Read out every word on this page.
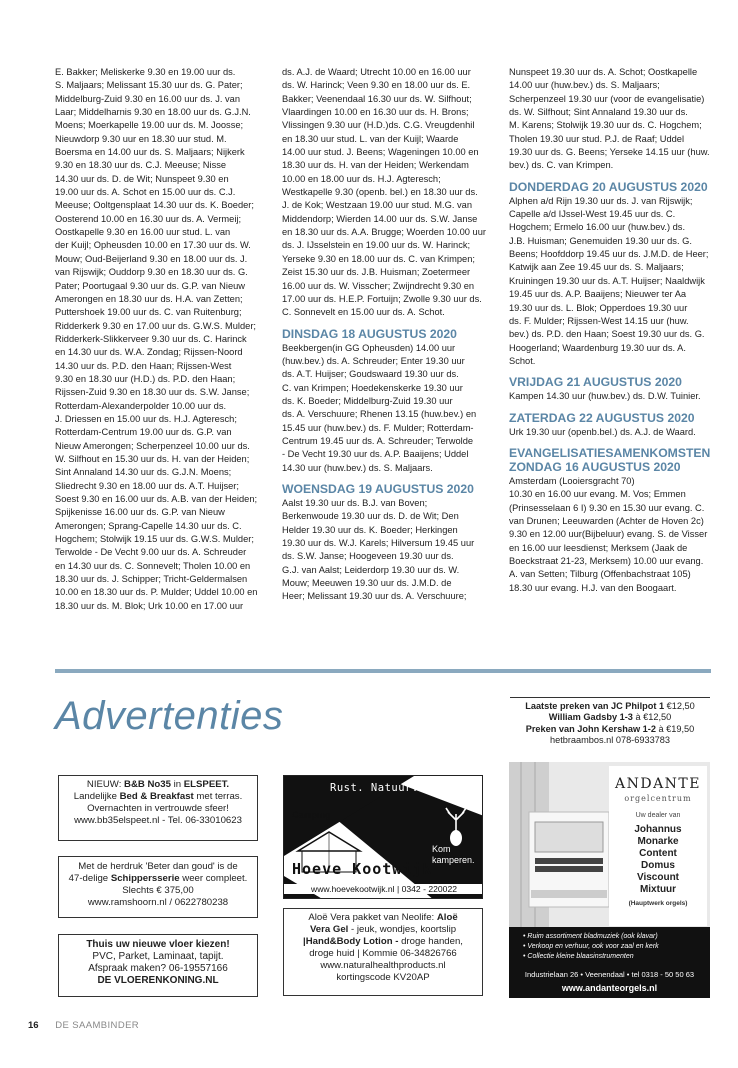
E. Bakker; Meliskerke 9.30 en 19.00 uur ds.
S. Maljaars; Melissant 15.30 uur ds. G. Pater;
Middelburg-Zuid 9.30 en 16.00 uur ds. J. van
Laar; Middelharnis 9.30 en 18.00 uur ds. G.J.N.
Moens; Moerkapelle 19.00 uur ds. M. Joosse;
Nieuwdorp 9.30 uur en 18.30 uur stud. M.
Boersma en 14.00 uur ds. S. Maljaars; Nijkerk
9.30 en 18.30 uur ds. C.J. Meeuse; Nisse
14.30 uur ds. D. de Wit; Nunspeet 9.30 en
19.00 uur ds. A. Schot en 15.00 uur ds. C.J.
Meeuse; Ooltgensplaat 14.30 uur ds. K. Boeder;
Oosterend 10.00 en 16.30 uur ds. A. Vermeij;
Oostkapelle 9.30 en 16.00 uur stud. L. van
der Kuijl; Opheusden 10.00 en 17.30 uur ds. W.
Mouw; Oud-Beijerland 9.30 en 18.00 uur ds. J.
van Rijswijk; Ouddorp 9.30 en 18.30 uur ds. G.
Pater; Poortugaal 9.30 uur ds. G.P. van Nieuw
Amerongen en 18.30 uur ds. H.A. van Zetten;
Puttershoek 19.00 uur ds. C. van Ruitenburg;
Ridderkerk 9.30 en 17.00 uur ds. G.W.S. Mulder;
Ridderkerk-Slikkerveer 9.30 uur ds. C. Harinck
en 14.30 uur ds. W.A. Zondag; Rijssen-Noord
14.30 uur ds. P.D. den Haan; Rijssen-West
9.30 en 18.30 uur (H.D.) ds. P.D. den Haan;
Rijssen-Zuid 9.30 en 18.30 uur ds. S.W. Janse;
Rotterdam-Alexanderpolder 10.00 uur ds.
J. Driessen en 15.00 uur ds. H.J. Agteresch;
Rotterdam-Centrum 19.00 uur ds. G.P. van
Nieuw Amerongen; Scherpenzeel 10.00 uur ds.
W. Silfhout en 15.30 uur ds. H. van der Heiden;
Sint Annaland 14.30 uur ds. G.J.N. Moens;
Sliedrecht 9.30 en 18.00 uur ds. A.T. Huijser;
Soest 9.30 en 16.00 uur ds. A.B. van der Heiden;
Spijkenisse 16.00 uur ds. G.P. van Nieuw
Amerongen; Sprang-Capelle 14.30 uur ds. C.
Hogchem; Stolwijk 19.15 uur ds. G.W.S. Mulder;
Terwolde - De Vecht 9.00 uur ds. A. Schreuder
en 14.30 uur ds. C. Sonnevelt; Tholen 10.00 en
18.30 uur ds. J. Schipper; Tricht-Geldermalsen
10.00 en 18.30 uur ds. P. Mulder; Uddel 10.00 en
18.30 uur ds. M. Blok; Urk 10.00 en 17.00 uur

ds. A.J. de Waard; Utrecht 10.00 en 16.00 uur
ds. W. Harinck; Veen 9.30 en 18.00 uur ds. E.
Bakker; Veenendaal 16.30 uur ds. W. Silfhout;
Vlaardingen 10.00 en 16.30 uur ds. H. Brons;
Vlissingen 9.30 uur (H.D.)ds. C.G. Vreugdenhil
en 18.30 uur stud. L. van der Kuijl; Waarde
14.00 uur stud. J. Beens; Wageningen 10.00 en
18.30 uur ds. H. van der Heiden; Werkendam
10.00 en 18.00 uur ds. H.J. Agteresch;
Westkapelle 9.30 (openb. bel.) en 18.30 uur ds.
J. de Kok; Westzaan 19.00 uur stud. M.G. van
Middendorp; Wierden 14.00 uur ds. S.W. Janse
en 18.30 uur ds. A.A. Brugge; Woerden 10.00 uur
ds. J. IJsselstein en 19.00 uur ds. W. Harinck;
Yerseke 9.30 en 18.00 uur ds. C. van Krimpen;
Zeist 15.30 uur ds. J.B. Huisman; Zoetermeer
16.00 uur ds. W. Visscher; Zwijndrecht 9.30 en
17.00 uur ds. H.E.P. Fortuijn; Zwolle 9.30 uur ds.
C. Sonnevelt en 15.00 uur ds. A. Schot.

DINSDAG 18 AUGUSTUS 2020

Beekbergen(in GG Opheusden) 14.00 uur
(huw.bev.) ds. A. Schreuder; Enter 19.30 uur
ds. A.T. Huijser; Goudswaard 19.30 uur ds.
C. van Krimpen; Hoedekenskerke 19.30 uur
ds. K. Boeder; Middelburg-Zuid 19.30 uur
ds. A. Verschuure; Rhenen 13.15 (huw.bev.) en
15.45 uur (huw.bev.) ds. F. Mulder; Rotterdam-
Centrum 19.45 uur ds. A. Schreuder; Terwolde
- De Vecht 19.30 uur ds. A.P. Baaijens; Uddel
14.30 uur (huw.bev.) ds. S. Maljaars.

WOENSDAG 19 AUGUSTUS 2020

Aalst 19.30 uur ds. B.J. van Boven;
Berkenwoude 19.30 uur ds. D. de Wit; Den
Helder 19.30 uur ds. K. Boeder; Herkingen
19.30 uur ds. W.J. Karels; Hilversum 19.45 uur
ds. S.W. Janse; Hoogeveen 19.30 uur ds.
G.J. van Aalst; Leiderdorp 19.30 uur ds. W.
Mouw; Meeuwen 19.30 uur ds. J.M.D. de
Heer; Melissant 19.30 uur ds. A. Verschuure;

Nunspeet 19.30 uur ds. A. Schot; Oostkapelle
14.00 uur (huw.bev.) ds. S. Maljaars;
Scherpenzeel 19.30 uur (voor de evangelisatie)
ds. W. Silfhout; Sint Annaland 19.30 uur ds.
M. Karens; Stolwijk 19.30 uur ds. C. Hogchem;
Tholen 19.30 uur stud. P.J. de Raaf; Uddel
19.30 uur ds. G. Beens; Yerseke 14.15 uur (huw.
bev.) ds. C. van Krimpen.

DONDERDAG 20 AUGUSTUS 2020

Alphen a/d Rijn 19.30 uur ds. J. van Rijswijk;
Capelle a/d IJssel-West 19.45 uur ds. C.
Hogchem; Ermelo 16.00 uur (huw.bev.) ds.
J.B. Huisman; Genemuiden 19.30 uur ds. G.
Beens; Hoofddorp 19.45 uur ds. J.M.D. de Heer;
Katwijk aan Zee 19.45 uur ds. S. Maljaars;
Kruiningen 19.30 uur ds. A.T. Huijser; Naaldwijk
19.45 uur ds. A.P. Baaijens; Nieuwer ter Aa
19.30 uur ds. L. Blok; Opperdoes 19.30 uur
ds. F. Mulder; Rijssen-West 14.15 uur (huw.
bev.) ds. P.D. den Haan; Soest 19.30 uur ds. G.
Hoogerland; Waardenburg 19.30 uur ds. A.
Schot.

VRIJDAG 21 AUGUSTUS 2020

Kampen 14.30 uur (huw.bev.) ds. D.W. Tuinier.

ZATERDAG 22 AUGUSTUS 2020

Urk 19.30 uur (openb.bel.) ds. A.J. de Waard.

EVANGELISATIESAMENKOMSTEN
ZONDAG 16 AUGUSTUS 2020

Amsterdam (Looiersgracht 70)
10.30 en 16.00 uur evang. M. Vos; Emmen
(Prinsesselaan 6 I) 9.30 en 15.30 uur evang. C.
van Drunen; Leeuwarden (Achter de Hoven 2c)
9.30 en 12.00 uur(Bijbeluur) evang. S. de Visser
en 16.00 uur leesdienst; Merksem (Jaak de
Boeckstraat 21-23, Merksem) 10.00 uur evang.
A. van Setten; Tilburg (Offenbachstraat 105)
18.30 uur evang. H.J. van den Boogaart.

Advertenties	Laatste preken van JC Philpot 1 €12,50
William Gadsby 1-3 à €12,50
Preken van John Kershaw 1-2 à €19,50
hetbraambos.nl 078-6933783
NIEUW: B&B No35 in ELSPEET.
Landelijke Bed & Breakfast met terras.
Overnachten in vertrouwde sfeer!
www.bb35elspeet.nl - Tel. 06-33010623
Met de herdruk 'Beter dan goud' is de
47-delige Schippersserie weer compleet.
Slechts € 375,00
www.ramshoorn.nl / 0622780238
Thuis uw nieuwe vloer kiezen!
PVC, Parket, Laminaat, tapijt.
Afspraak maken? 06-19557166
DE VLOERENKONING.NL
Rust. Natuur. Veluwe.
Camping
Hoeve Kootwijk
Kom
kamperen.
www.hoevekootwijk.nl | 0342 - 220022
Aloë Vera pakket van Neolife: Aloë
Vera Gel - jeuk, wondjes, koortslip
|Hand&Body Lotion - droge handen,
droge huid | Kommie 06-34826766
www.naturalhealthproducts.nl
kortingscode KV20AP
ANDANTE
orgelcentrum
Uw dealer van
Johannus
Monarke
Content
Domus
Viscount
Mixtuur
(Hauptwerk orgels)
• Ruim assortiment bladmuziek (ook klavar)
• Verkoop en verhuur, ook voor zaal en kerk
• Collectie kleine blaasinstrumenten
Industrielaan 26 • Veenendaal • tel 0318 - 50 50 63
www.andanteorgels.nl
16 DE SAAMBINDER
